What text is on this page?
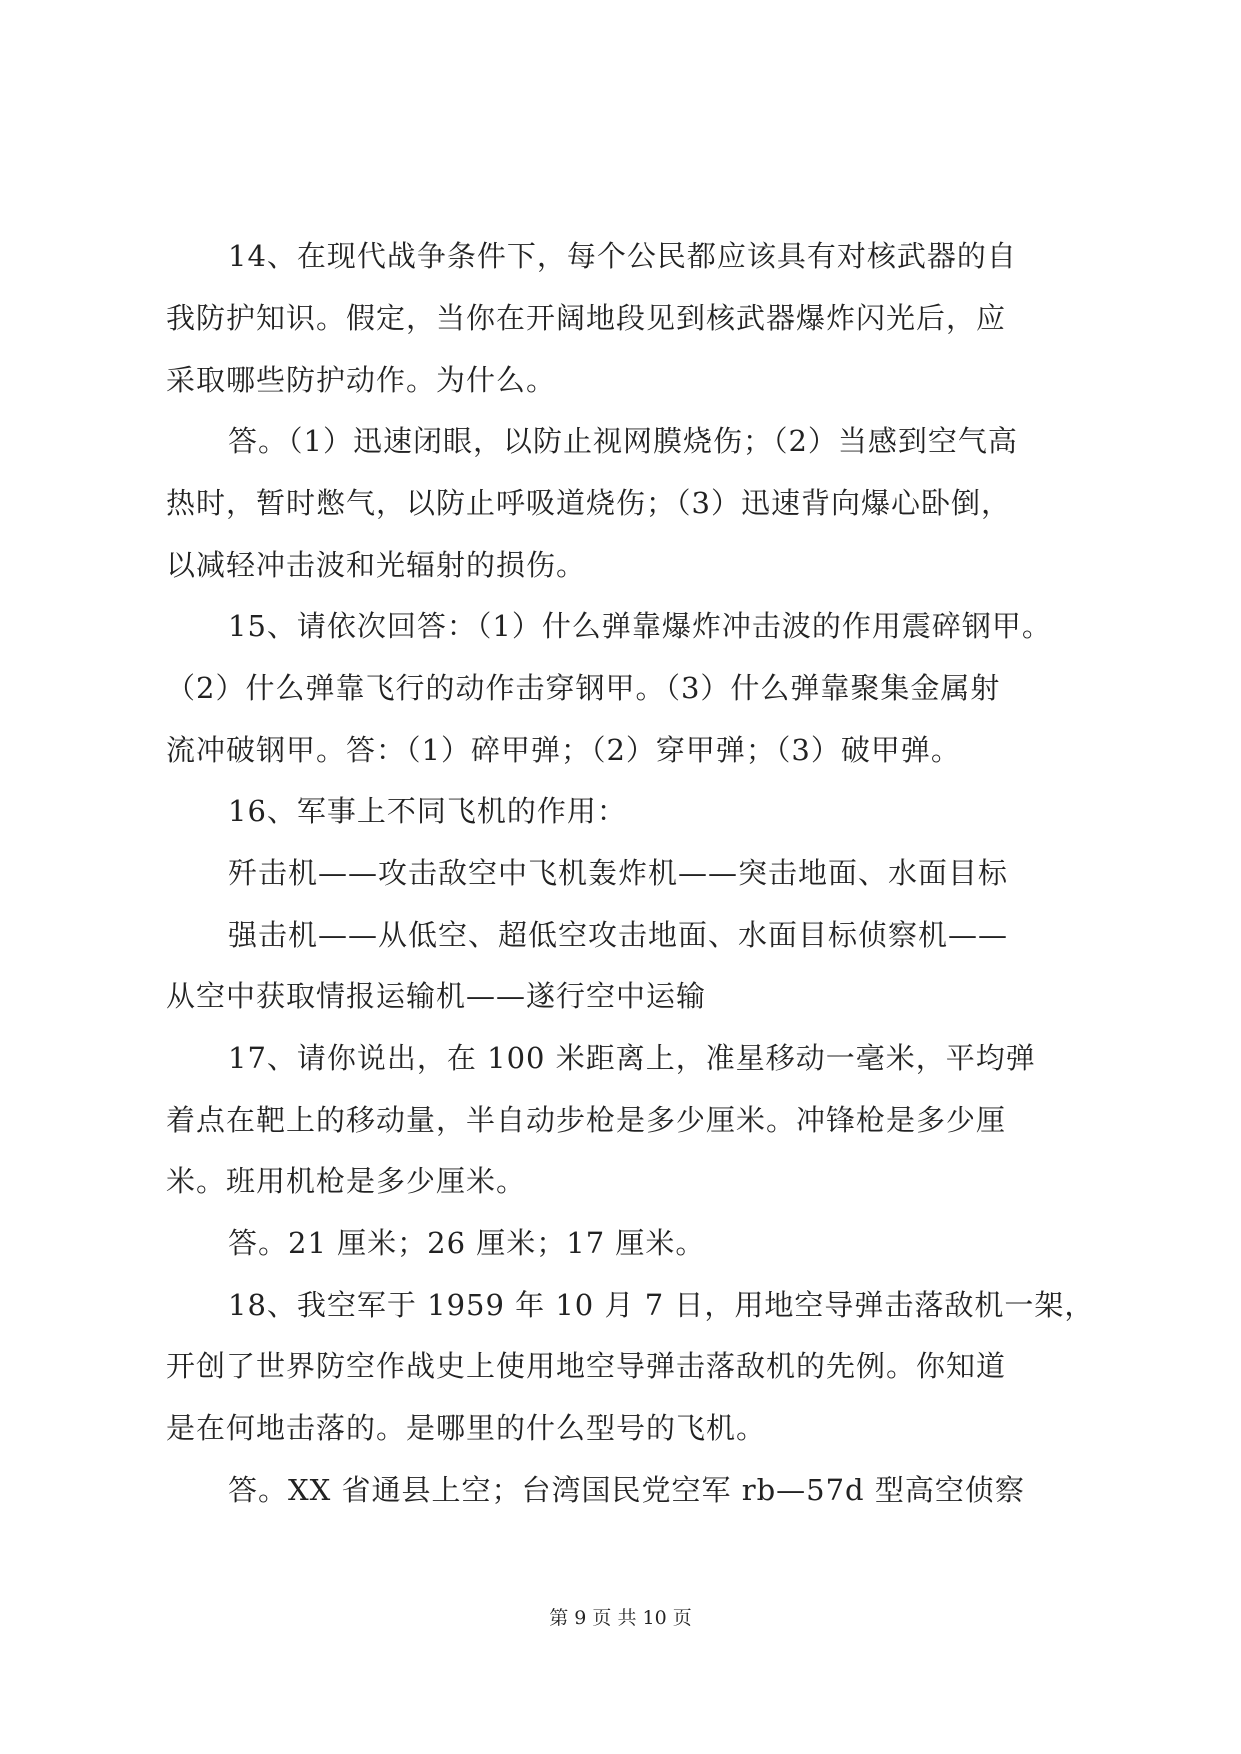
14、在现代战争条件下，每个公民都应该具有对核武器的自
我防护知识。假定，当你在开阔地段见到核武器爆炸闪光后，应
采取哪些防护动作。为什么。
答。（1）迅速闭眼，以防止视网膜烧伤；（2）当感到空气高
热时，暂时憋气，以防止呼吸道烧伤；（3）迅速背向爆心卧倒，
以减轻冲击波和光辐射的损伤。
15、请依次回答：（1）什么弹靠爆炸冲击波的作用震碎钢甲。
（2）什么弹靠飞行的动作击穿钢甲。（3）什么弹靠聚集金属射
流冲破钢甲。答：（1）碎甲弹；（2）穿甲弹；（3）破甲弹。
16、军事上不同飞机的作用：
歼击机——攻击敌空中飞机轰炸机——突击地面、水面目标
强击机——从低空、超低空攻击地面、水面目标侦察机——
从空中获取情报运输机——遂行空中运输
17、请你说出，在 100 米距离上，准星移动一毫米，平均弹
着点在靶上的移动量，半自动步枪是多少厘米。冲锋枪是多少厘
米。班用机枪是多少厘米。
答。21 厘米；26 厘米；17 厘米。
18、我空军于 1959 年 10 月 7 日，用地空导弹击落敌机一架，
开创了世界防空作战史上使用地空导弹击落敌机的先例。你知道
是在何地击落的。是哪里的什么型号的飞机。
答。XX 省通县上空；台湾国民党空军 rb—57d 型高空侦察
第 9 页 共 10 页
